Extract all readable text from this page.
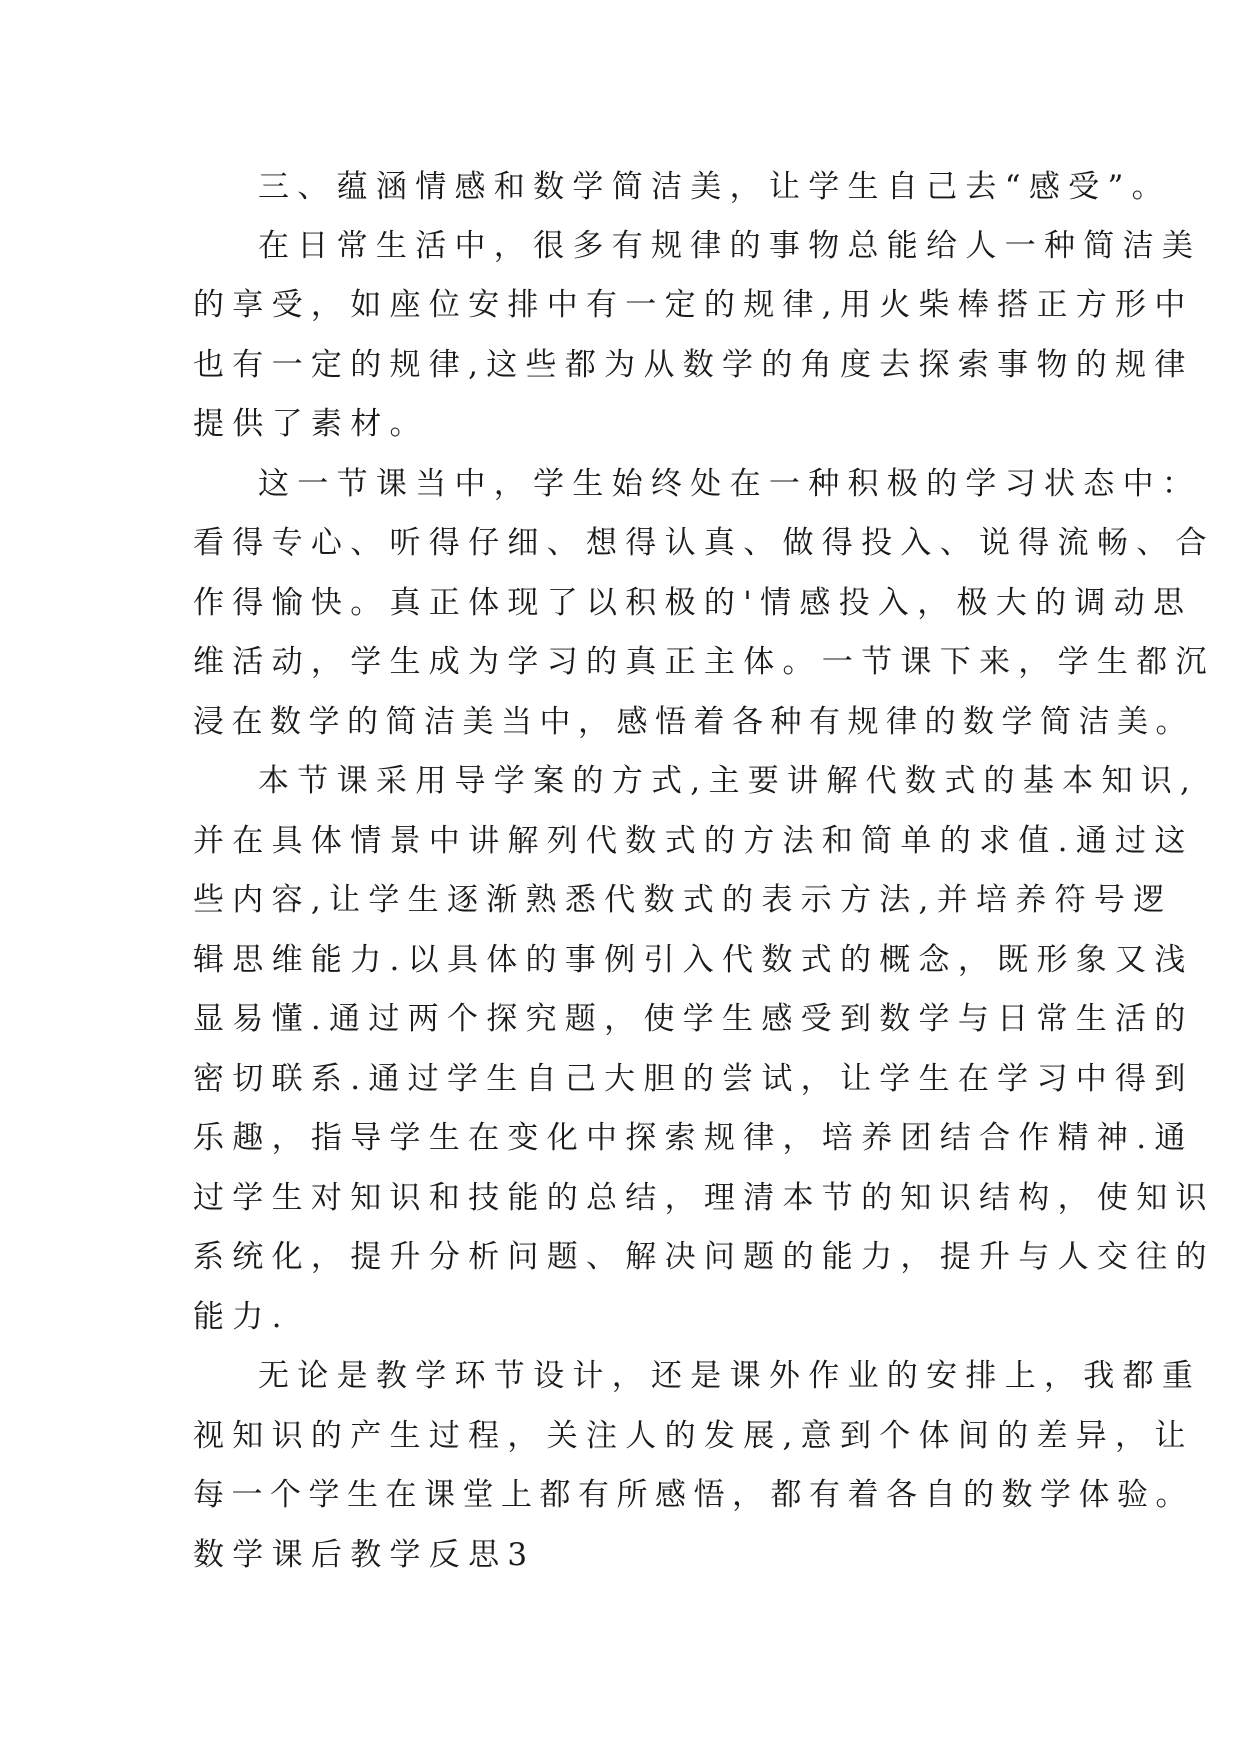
三、蕴涵情感和数学简洁美，让学生自己去“感受”。
在日常生活中，很多有规律的事物总能给人一种简洁美
的享受，如座位安排中有一定的规律,用火柴棒搭正方形中
也有一定的规律,这些都为从数学的角度去探索事物的规律
提供了素材。
这一节课当中，学生始终处在一种积极的学习状态中：
看得专心、听得仔细、想得认真、做得投入、说得流畅、合
作得愉快。真正体现了以积极的'情感投入，极大的调动思
维活动，学生成为学习的真正主体。一节课下来，学生都沉
浸在数学的简洁美当中，感悟着各种有规律的数学简洁美。
本节课采用导学案的方式,主要讲解代数式的基本知识,
并在具体情景中讲解列代数式的方法和简单的求值.通过这
些内容,让学生逐渐熟悉代数式的表示方法,并培养符号逻
辑思维能力.以具体的事例引入代数式的概念，既形象又浅
显易懂.通过两个探究题，使学生感受到数学与日常生活的
密切联系.通过学生自己大胆的尝试，让学生在学习中得到
乐趣，指导学生在变化中探索规律，培养团结合作精神.通
过学生对知识和技能的总结，理清本节的知识结构，使知识
系统化，提升分析问题、解决问题的能力，提升与人交往的
能力.
无论是教学环节设计，还是课外作业的安排上，我都重
视知识的产生过程，关注人的发展,意到个体间的差异，让
每一个学生在课堂上都有所感悟，都有着各自的数学体验。
数学课后教学反思3
